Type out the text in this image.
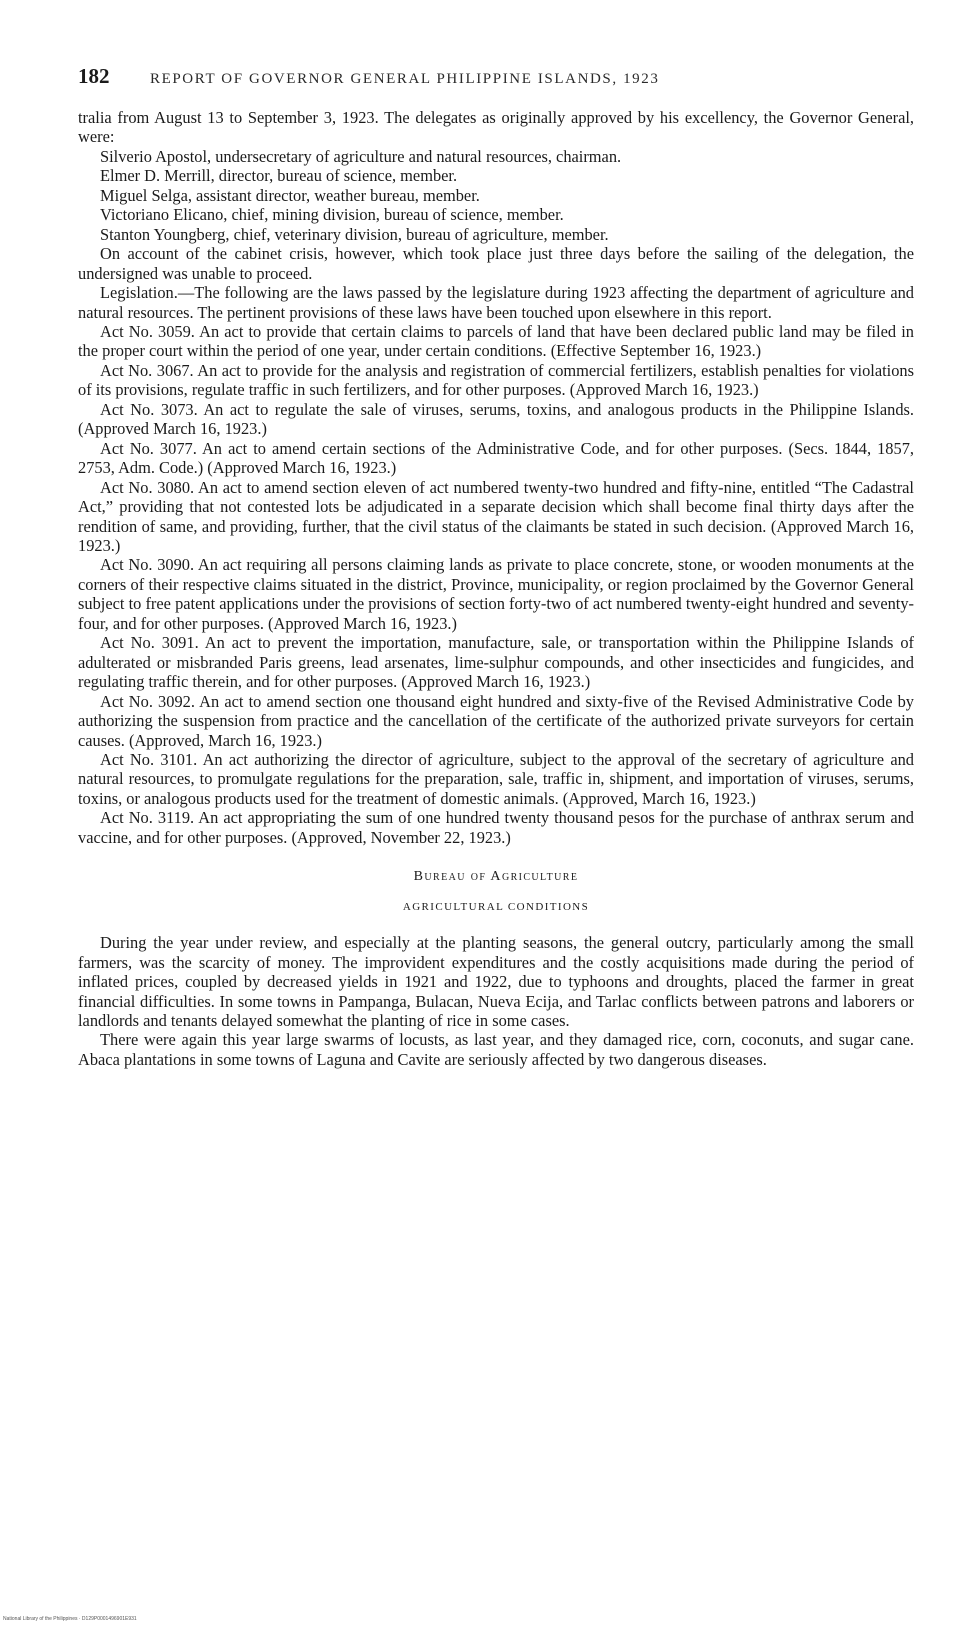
182	REPORT OF GOVERNOR GENERAL PHILIPPINE ISLANDS, 1923

tralia from August 13 to September 3, 1923. The delegates as originally approved by his excellency, the Governor General, were:

Silverio Apostol, undersecretary of agriculture and natural resources, chairman.

Elmer D. Merrill, director, bureau of science, member.

Miguel Selga, assistant director, weather bureau, member.

Victoriano Elicano, chief, mining division, bureau of science, member.

Stanton Youngberg, chief, veterinary division, bureau of agriculture, member.

On account of the cabinet crisis, however, which took place just three days before the sailing of the delegation, the undersigned was unable to proceed.

Legislation.—The following are the laws passed by the legislature during 1923 affecting the department of agriculture and natural resources. The pertinent provisions of these laws have been touched upon elsewhere in this report.

Act No. 3059. An act to provide that certain claims to parcels of land that have been declared public land may be filed in the proper court within the period of one year, under certain conditions. (Effective September 16, 1923.)

Act No. 3067. An act to provide for the analysis and registration of commercial fertilizers, establish penalties for violations of its provisions, regulate traffic in such fertilizers, and for other purposes. (Approved March 16, 1923.)

Act No. 3073. An act to regulate the sale of viruses, serums, toxins, and analogous products in the Philippine Islands. (Approved March 16, 1923.)

Act No. 3077. An act to amend certain sections of the Administrative Code, and for other purposes. (Secs. 1844, 1857, 2753, Adm. Code.) (Approved March 16, 1923.)

Act No. 3080. An act to amend section eleven of act numbered twenty-two hundred and fifty-nine, entitled “The Cadastral Act,” providing that not contested lots be adjudicated in a separate decision which shall become final thirty days after the rendition of same, and providing, further, that the civil status of the claimants be stated in such decision. (Approved March 16, 1923.)

Act No. 3090. An act requiring all persons claiming lands as private to place concrete, stone, or wooden monuments at the corners of their respective claims situated in the district, Province, municipality, or region proclaimed by the Governor General subject to free patent applications under the provisions of section forty-two of act numbered twenty-eight hundred and seventy-four, and for other purposes. (Approved March 16, 1923.)

Act No. 3091. An act to prevent the importation, manufacture, sale, or transportation within the Philippine Islands of adulterated or misbranded Paris greens, lead arsenates, lime-sulphur compounds, and other insecticides and fungicides, and regulating traffic therein, and for other purposes. (Approved March 16, 1923.)

Act No. 3092. An act to amend section one thousand eight hundred and sixty-five of the Revised Administrative Code by authorizing the suspension from practice and the cancellation of the certificate of the authorized private surveyors for certain causes. (Approved, March 16, 1923.)

Act No. 3101. An act authorizing the director of agriculture, subject to the approval of the secretary of agriculture and natural resources, to promulgate regulations for the preparation, sale, traffic in, shipment, and importation of viruses, serums, toxins, or analogous products used for the treatment of domestic animals. (Approved, March 16, 1923.)

Act No. 3119. An act appropriating the sum of one hundred twenty thousand pesos for the purchase of anthrax serum and vaccine, and for other purposes. (Approved, November 22, 1923.)

Bureau of Agriculture
AGRICULTURAL CONDITIONS

During the year under review, and especially at the planting seasons, the general outcry, particularly among the small farmers, was the scarcity of money. The improvident expenditures and the costly acquisitions made during the period of inflated prices, coupled by decreased yields in 1921 and 1922, due to typhoons and droughts, placed the farmer in great financial difficulties. In some towns in Pampanga, Bulacan, Nueva Ecija, and Tarlac conflicts between patrons and laborers or landlords and tenants delayed somewhat the planting of rice in some cases.

There were again this year large swarms of locusts, as last year, and they damaged rice, corn, coconuts, and sugar cane. Abaca plantations in some towns of Laguna and Cavite are seriously affected by two dangerous diseases.

National Library of the Philippines · D129P0001496901E931
